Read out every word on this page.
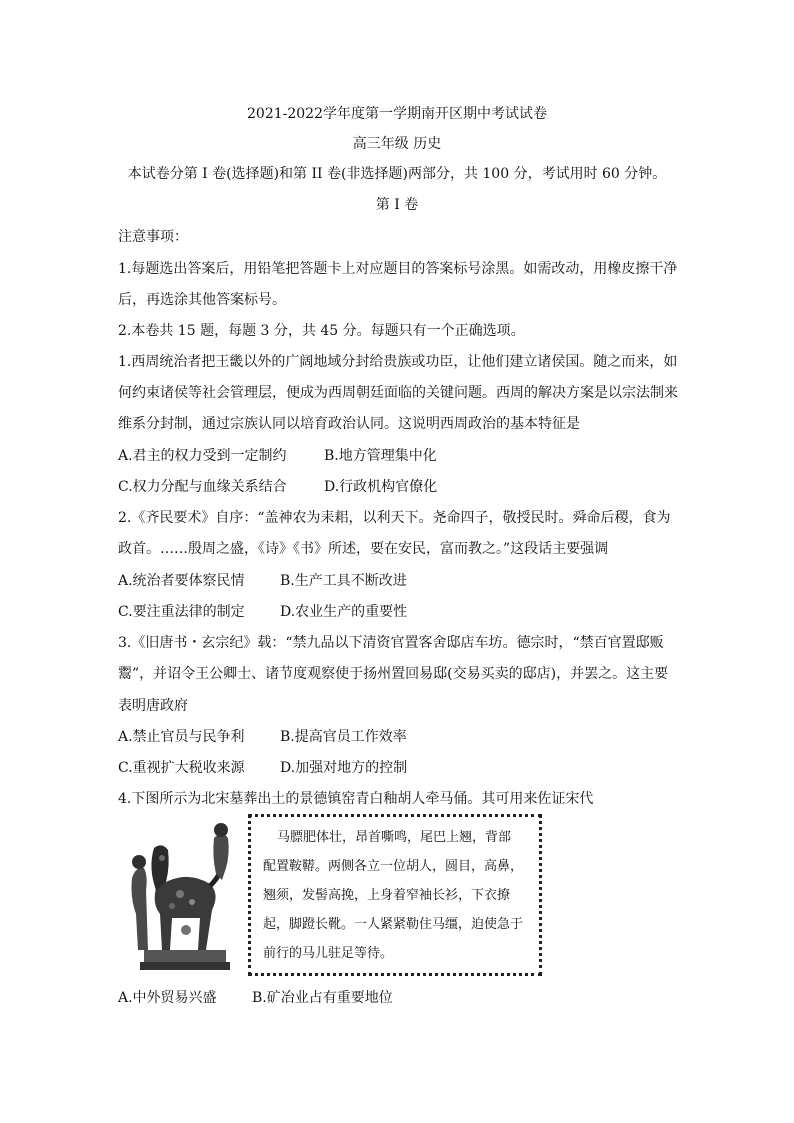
2021-2022学年度第一学期南开区期中考试试卷
高三年级 历史
本试卷分第 I 卷(选择题)和第 II 卷(非选择题)两部分，共 100 分，考试用时 60 分钟。
第 I 卷
注意事项：
1.每题选出答案后，用铅笔把答题卡上对应题目的答案标号涂黑。如需改动，用橡皮擦干净
后，再选涂其他答案标号。
2.本卷共 15 题，每题 3 分，共 45 分。每题只有一个正确选项。
1.西周统治者把王畿以外的广阔地域分封给贵族或功臣，让他们建立诸侯国。随之而来，如
何约束诸侯等社会管理层，便成为西周朝廷面临的关键问题。西周的解决方案是以宗法制来
维系分封制，通过宗族认同以培育政治认同。这说明西周政治的基本特征是
A.君主的权力受到一定制约	B.地方管理集中化
C.权力分配与血缘关系结合	D.行政机构官僚化
2.《齐民要术》自序：“盖神农为耒耜，以利天下。尧命四子，敬授民时。舜命后稷，食为
政首。……殷周之盛，《诗》《书》所述，要在安民，富而教之。”这段话主要强调
A.统治者要体察民情	B.生产工具不断改进
C.要注重法律的制定	D.农业生产的重要性
3.《旧唐书・玄宗纪》载：“禁九品以下清资官置客舍邸店车坊。德宗时，“禁百官置邸贩
鬻”，并诏令王公卿士、诸节度观察使于扬州置回易邸(交易买卖的邸店)，并罢之。这主要
表明唐政府
A.禁止官员与民争利	B.提高官员工作效率
C.重视扩大税收来源	D.加强对地方的控制
4.下图所示为北宋墓葬出土的景德镇窑青白釉胡人牵马俑。其可用来佐证宋代
马膘肥体壮，昂首嘶鸣，尾巴上翘，背部
配置鞍鞯。两侧各立一位胡人，圆目，高鼻，
翘须，发髻高挽，上身着窄袖长衫，下衣撩
起，脚蹬长靴。一人紧紧勒住马缰，迫使急于
前行的马儿驻足等待。
A.中外贸易兴盛	B.矿冶业占有重要地位
